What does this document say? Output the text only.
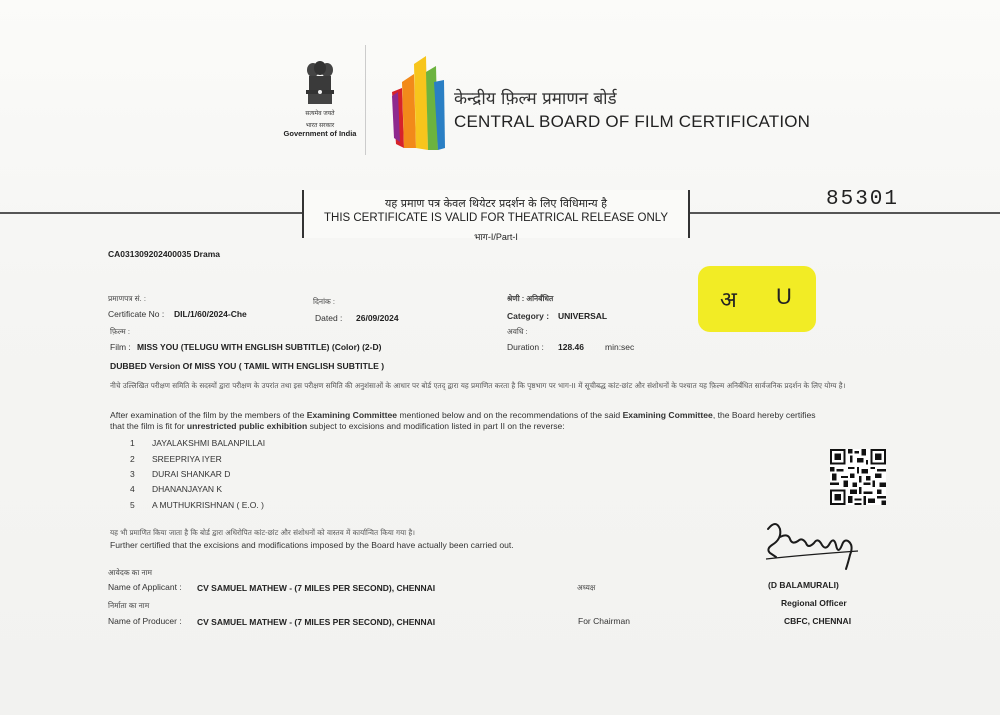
सत्यमेव जयते
भारत सरकार
Government of India
केन्द्रीय फ़िल्म प्रमाणन बोर्ड
CENTRAL BOARD OF FILM CERTIFICATION
यह प्रमाण पत्र केवल थियेटर प्रदर्शन के लिए विधिमान्य है
THIS CERTIFICATE IS VALID FOR THEATRICAL RELEASE ONLY
भाग-I/Part-I
85301
CA031309202400035 Drama
प्रमाणपत्र सं. :
Certificate No : DIL/1/60/2024-Che
दिनांक :
Dated : 26/09/2024
श्रेणी : अनिर्बंधित
Category : UNIVERSAL
अ U
फ़िल्म :
Film : MISS YOU (TELUGU WITH ENGLISH SUBTITLE) (Color) (2-D)
अवधि :
Duration : 128.46 min:sec
DUBBED Version Of MISS YOU ( TAMIL WITH ENGLISH SUBTITLE )
नीचे उल्लिखित परीक्षण समिति के सदस्यों द्वारा परीक्षण के उपरांत तथा इस परीक्षण समिति की अनुशंसाओं के आधार पर बोर्ड एतद् द्वारा यह प्रमाणित करता है कि पृष्ठभाग पर भाग-II में सूचीबद्ध कांट-छांट और संशोधनों के पश्चात यह फ़िल्म अनिर्बंधित सार्वजनिक प्रदर्शन के लिए योग्य है।
After examination of the film by the members of the Examining Committee mentioned below and on the recommendations of the said Examining Committee, the Board hereby certifies
that the film is fit for unrestricted public exhibition subject to excisions and modification listed in part II on the reverse:
1 JAYALAKSHMI BALANPILLAI
2 SREEPRIYA IYER
3 DURAI SHANKAR D
4 DHANANJAYAN K
5 A MUTHUKRISHNAN ( E.O. )
यह भी प्रमाणित किया जाता है कि बोर्ड द्वारा अधिरोपित कांट-छांट और संशोधनों को वास्तव में कार्यान्वित किया गया है।
Further certified that the excisions and modifications imposed by the Board have actually been carried out.
आवेदक का नाम
Name of Applicant : CV SAMUEL MATHEW - (7 MILES PER SECOND), CHENNAI
निर्माता का नाम
Name of Producer : CV SAMUEL MATHEW - (7 MILES PER SECOND), CHENNAI
अध्यक्ष
For Chairman
(D BALAMURALI)
Regional Officer
CBFC, CHENNAI
